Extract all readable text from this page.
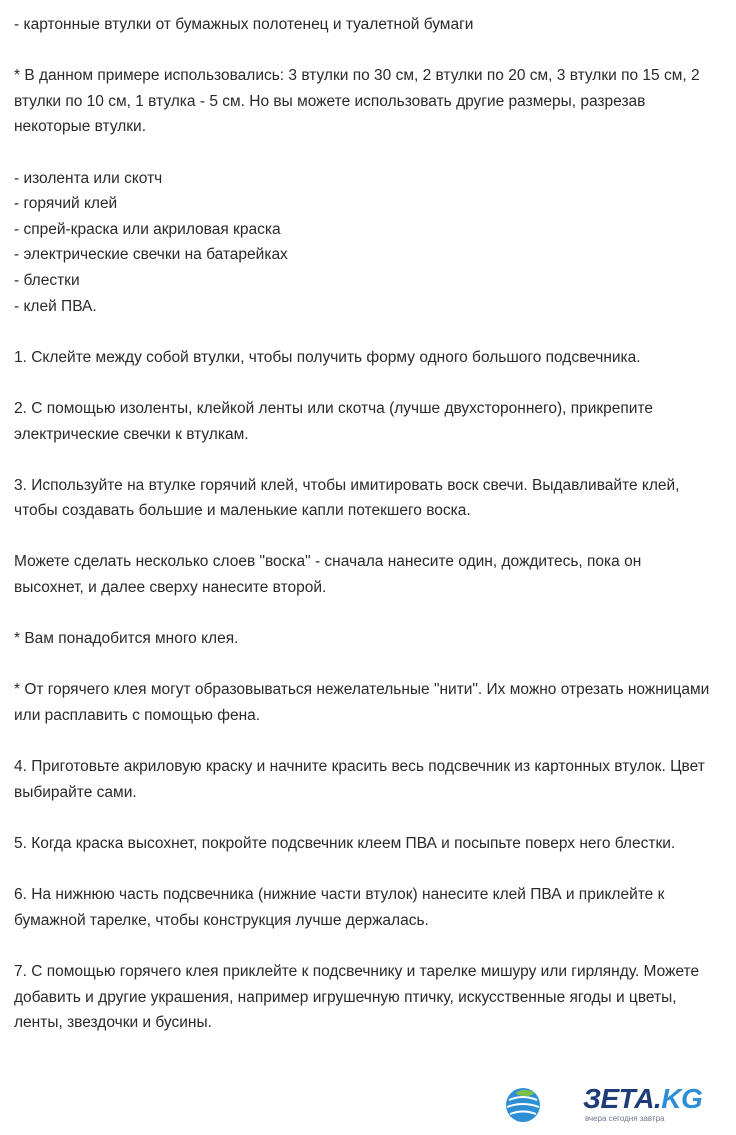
- картонные втулки от бумажных полотенец и туалетной бумаги

* В данном примере использовались: 3 втулки по 30 см, 2 втулки по 20 см, 3 втулки по 15 см, 2 втулки по 10 см, 1 втулка - 5 см. Но вы можете использовать другие размеры, разрезав некоторые втулки.

- изолента или скотч
- горячий клей
- спрей-краска или акриловая краска
- электрические свечки на батарейках
- блестки
- клей ПВА.

1. Склейте между собой втулки, чтобы получить форму одного большого подсвечника.

2. С помощью изоленты, клейкой ленты или скотча (лучше двухстороннего), прикрепите электрические свечки к втулкам.

3. Используйте на втулке горячий клей, чтобы имитировать воск свечи. Выдавливайте клей, чтобы создавать большие и маленькие капли потекшего воска.

Можете сделать несколько слоев "воска" - сначала нанесите один, дождитесь, пока он высохнет, и далее сверху нанесите второй.

* Вам понадобится много клея.

* От горячего клея могут образовываться нежелательные "нити". Их можно отрезать ножницами или расплавить с помощью фена.

4. Приготовьте акриловую краску и начните красить весь подсвечник из картонных втулок. Цвет выбирайте сами.

5. Когда краска высохнет, покройте подсвечник клеем ПВА и посыпьте поверх него блестки.

6. На нижнюю часть подсвечника (нижние части втулок) нанесите клей ПВА и приклейте к бумажной тарелке, чтобы конструкция лучше держалась.

7. С помощью горячего клея приклейте к подсвечнику и тарелке мишуру или гирлянду. Можете добавить и другие украшения, например игрушечную птичку, искусственные ягоды и цветы, ленты, звездочки и бусины.

ЗЕТА.KG
вчера сегодня завтра
